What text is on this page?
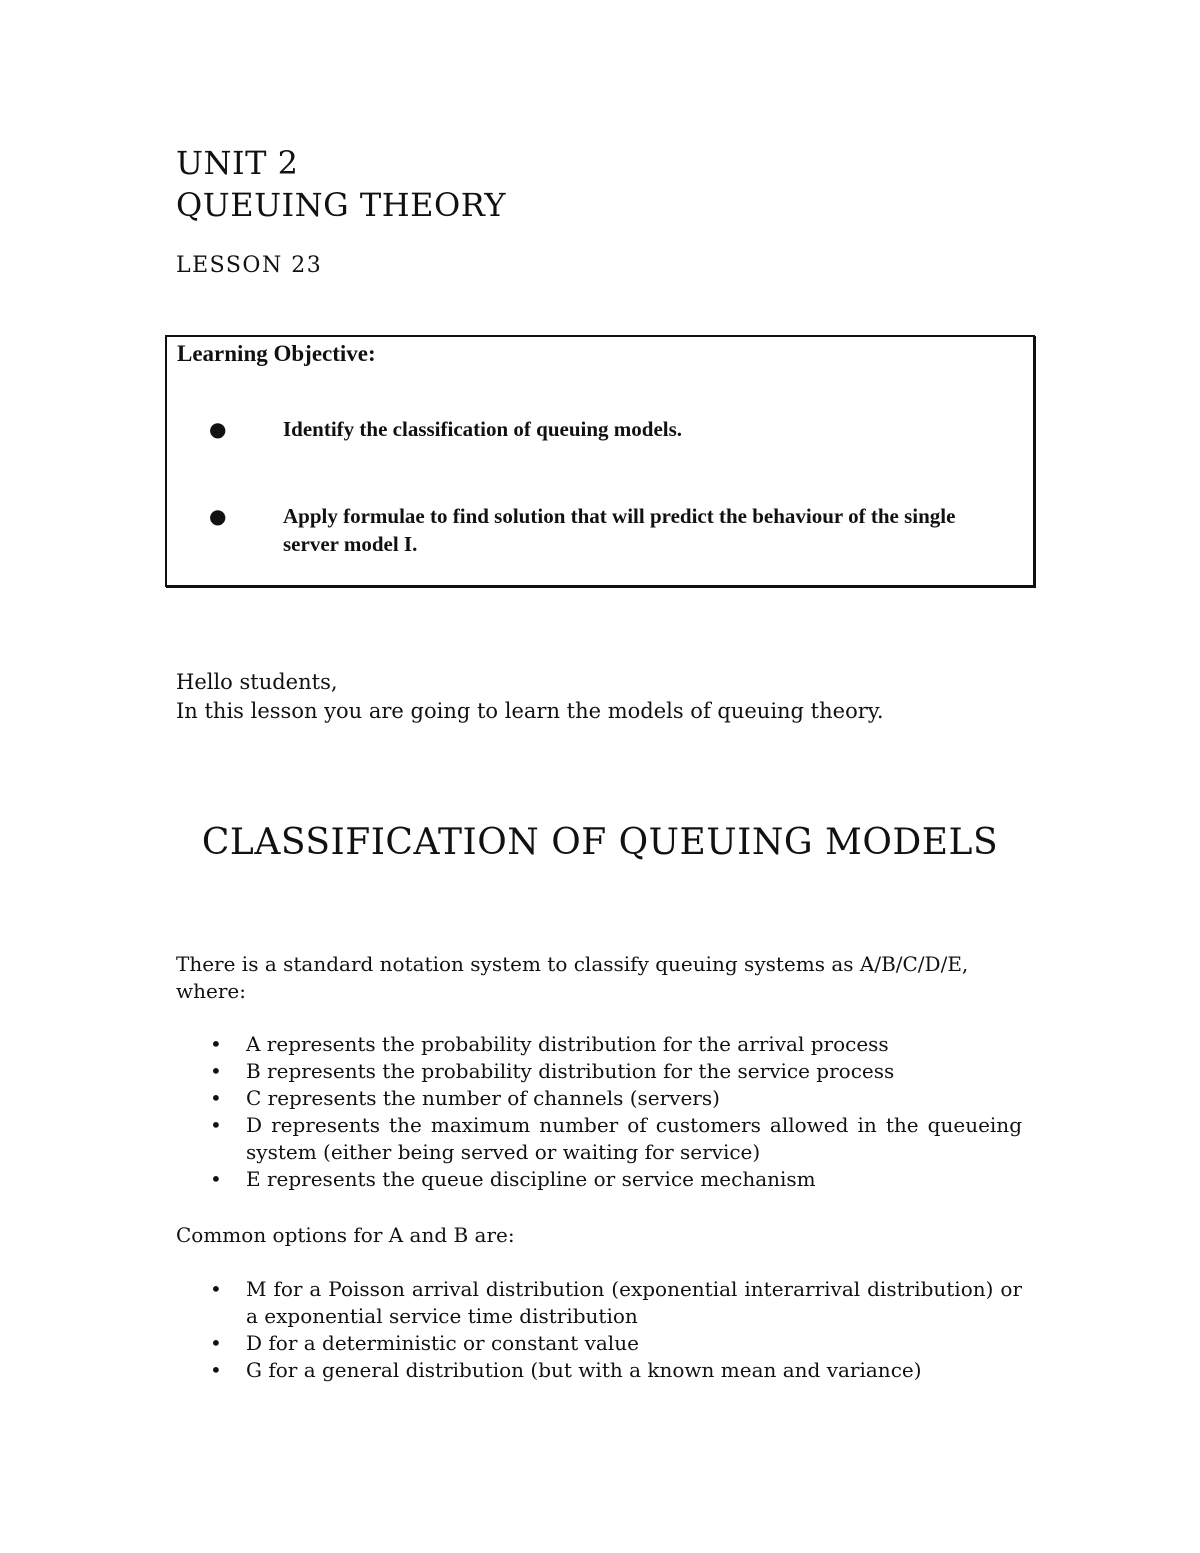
UNIT 2
QUEUING THEORY
LESSON 23
Learning Objective:
●	Identify the classification of queuing models.
●	Apply formulae to find solution that will predict the behaviour of the single server model I.
Hello students,
In this lesson you are going to learn the models of queuing theory.
CLASSIFICATION OF QUEUING MODELS
There is a standard notation system to classify queuing systems as A/B/C/D/E, where:
• A represents the probability distribution for the arrival process
• B represents the probability distribution for the service process
• C represents the number of channels (servers)
• D represents the maximum number of customers allowed in the queueing system (either being served or waiting for service)
• E represents the queue discipline or service mechanism
Common options for A and B are:
• M for a Poisson arrival distribution (exponential interarrival distribution) or a exponential service time distribution
• D for a deterministic or constant value
• G for a general distribution (but with a known mean and variance)
